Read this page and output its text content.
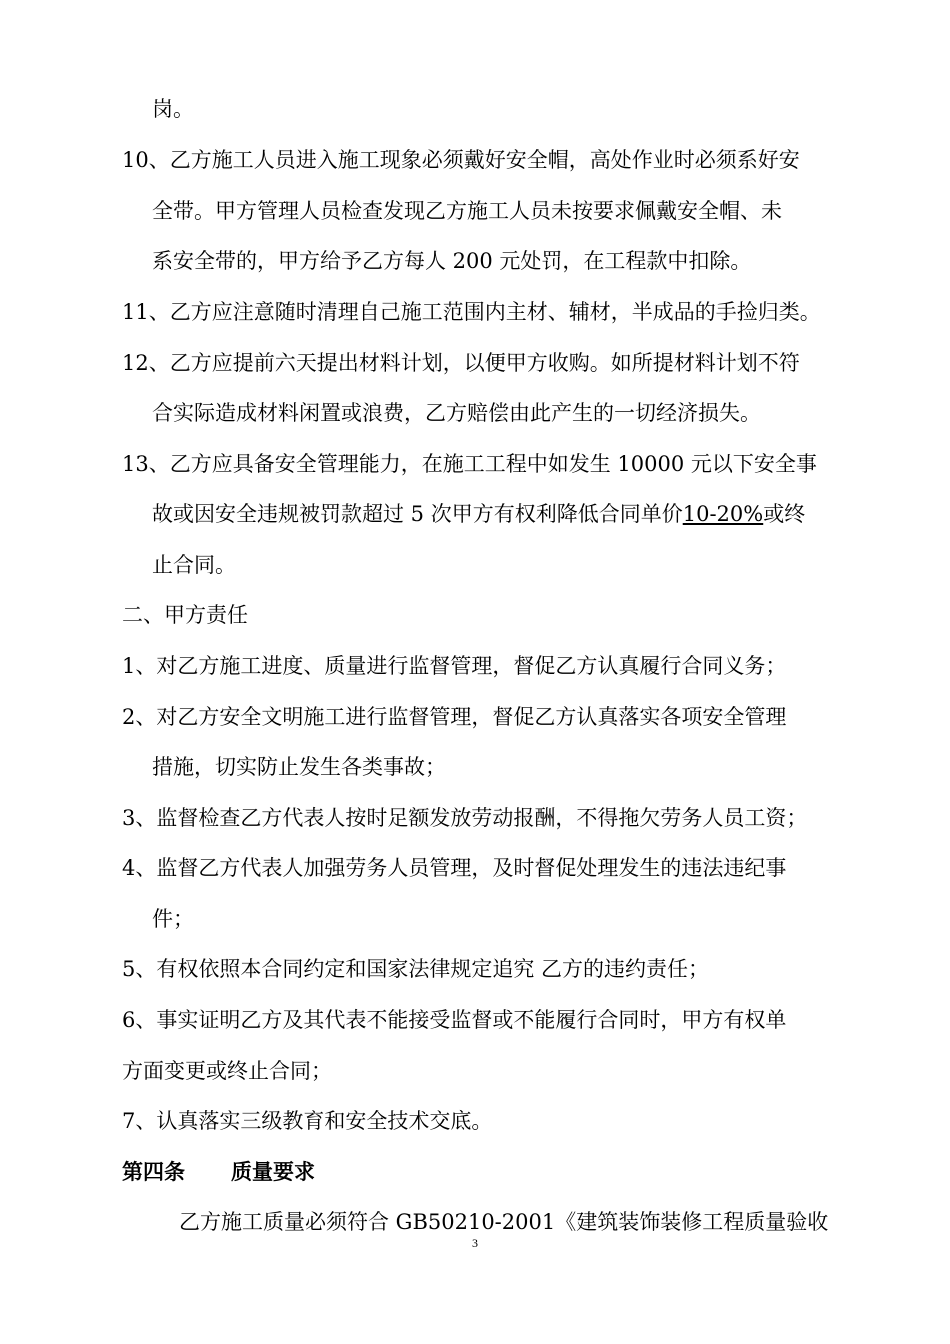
岗。
10、乙方施工人员进入施工现象必须戴好安全帽，高处作业时必须系好安
全带。甲方管理人员检查发现乙方施工人员未按要求佩戴安全帽、未
系安全带的，甲方给予乙方每人 200 元处罚，在工程款中扣除。
11、乙方应注意随时清理自己施工范围内主材、辅材，半成品的手捡归类。
12、乙方应提前六天提出材料计划，以便甲方收购。如所提材料计划不符
合实际造成材料闲置或浪费，乙方赔偿由此产生的一切经济损失。
13、乙方应具备安全管理能力，在施工工程中如发生 10000 元以下安全事
故或因安全违规被罚款超过 5 次甲方有权利降低合同单价10-20%或终
止合同。
二、甲方责任
1、对乙方施工进度、质量进行监督管理，督促乙方认真履行合同义务；
2、对乙方安全文明施工进行监督管理，督促乙方认真落实各项安全管理
措施，切实防止发生各类事故；
3、监督检查乙方代表人按时足额发放劳动报酬，不得拖欠劳务人员工资；
4、监督乙方代表人加强劳务人员管理，及时督促处理发生的违法违纪事
件；
5、有权依照本合同约定和国家法律规定追究 乙方的违约责任；
6、事实证明乙方及其代表不能接受监督或不能履行合同时，甲方有权单
方面变更或终止合同；
7、认真落实三级教育和安全技术交底。
第四条 质量要求
乙方施工质量必须符合 GB50210-2001《建筑装饰装修工程质量验收
3
